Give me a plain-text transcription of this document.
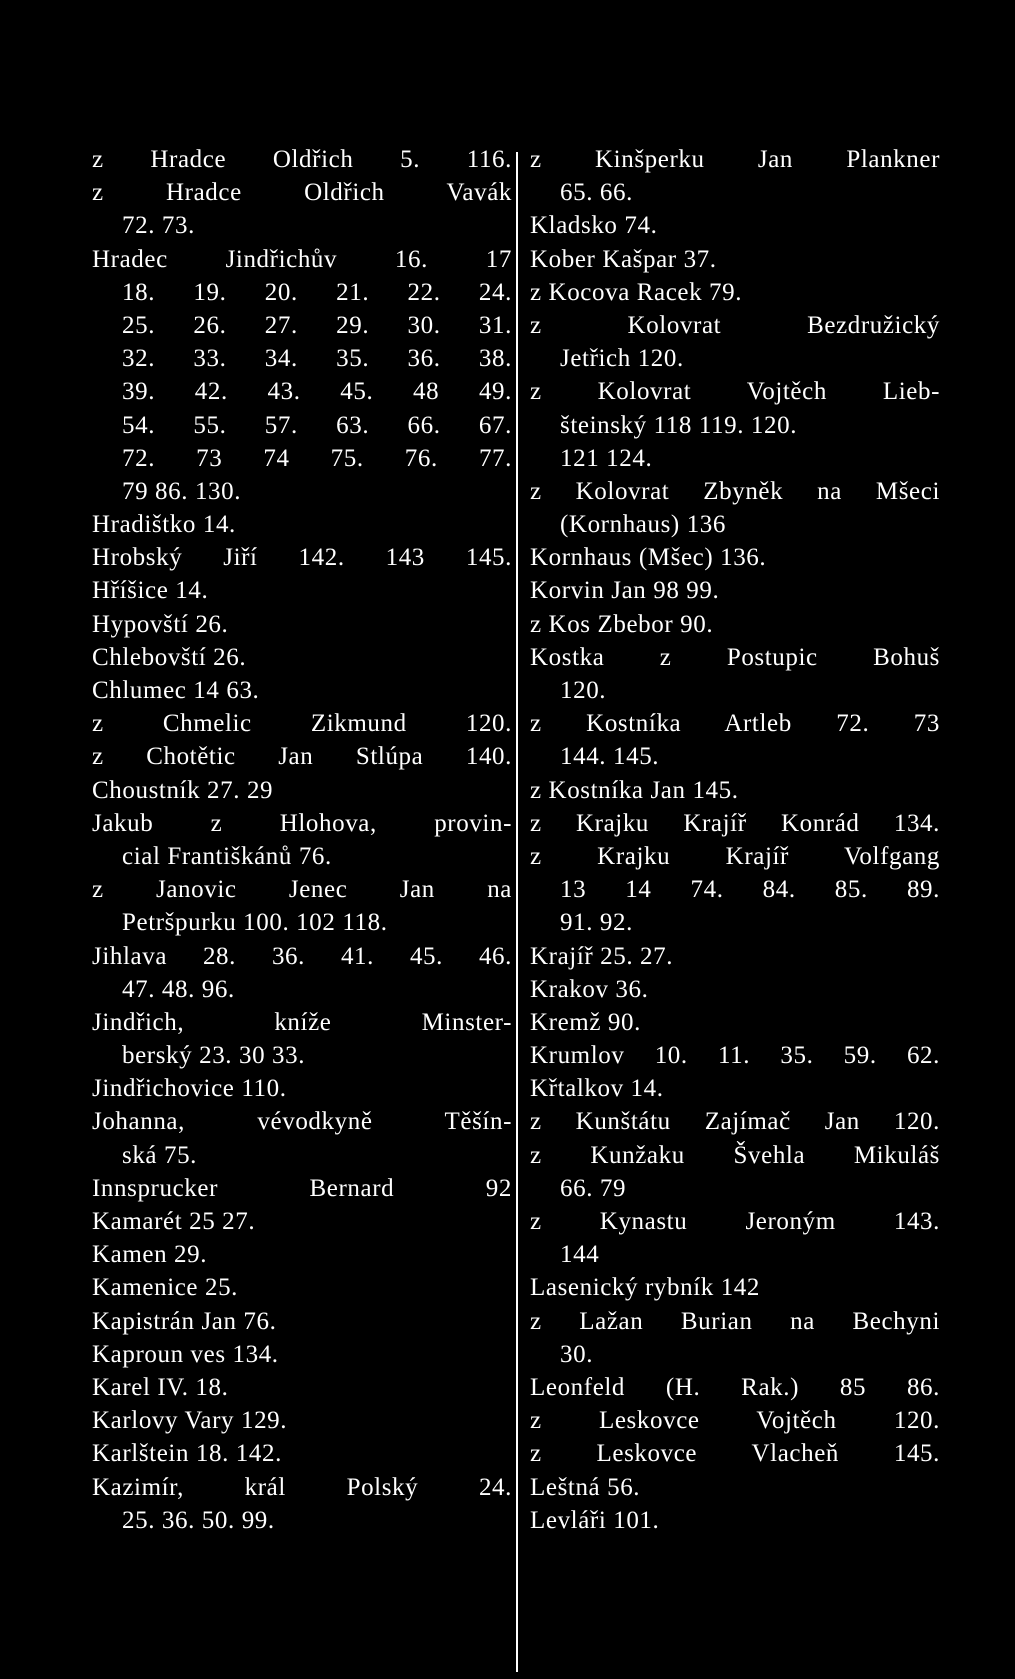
z Hradce Oldřich 5. 116.
z Hradce Oldřich Vavák
72. 73.
Hradec Jindřichův 16. 17
18. 19. 20. 21. 22. 24.
25. 26. 27. 29. 30. 31.
32. 33. 34. 35. 36. 38.
39. 42. 43. 45. 48 49.
54. 55. 57. 63. 66. 67.
72. 73 74 75. 76. 77.
79 86. 130.
Hradištko 14.
Hrobský Jiří 142. 143 145.
Hříšice 14.
Hypovští 26.
Chlebovští 26.
Chlumec 14 63.
z Chmelic Zikmund 120.
z Chotětic Jan Stlúpa 140.
Choustník 27. 29
Jakub z Hlohova, provin-
cial Františkánů 76.
z Janovic Jenec Jan na
Petršpurku 100. 102 118.
Jihlava 28. 36. 41. 45. 46.
47. 48. 96.
Jindřich, kníže Minster-
berský 23. 30 33.
Jindřichovice 110.
Johanna, vévodkyně Těšín-
ská 75.
Innsprucker Bernard 92
Kamarét 25 27.
Kamen 29.
Kamenice 25.
Kapistrán Jan 76.
Kaproun ves 134.
Karel IV. 18.
Karlovy Vary 129.
Karlštein 18. 142.
Kazimír, král Polský 24.
25. 36. 50. 99.
z Kinšperku Jan Plankner
65. 66.
Kladsko 74.
Kober Kašpar 37.
z Kocova Racek 79.
z Kolovrat Bezdružický
Jetřich 120.
z Kolovrat Vojtěch Lieb-
šteinský 118 119. 120.
121 124.
z Kolovrat Zbyněk na Mšeci
(Kornhaus) 136
Kornhaus (Mšec) 136.
Korvin Jan 98 99.
z Kos Zbebor 90.
Kostka z Postupic Bohuš
120.
z Kostníka Artleb 72. 73
144. 145.
z Kostníka Jan 145.
z Krajku Krajíř Konrád 134.
z Krajku Krajíř Volfgang
13 14 74. 84. 85. 89.
91. 92.
Krajíř 25. 27.
Krakov 36.
Kremž 90.
Krumlov 10. 11. 35. 59. 62.
Křtalkov 14.
z Kunštátu Zajímač Jan 120.
z Kunžaku Švehla Mikuláš
66. 79
z Kynastu Jeroným 143.
144
Lasenický rybník 142
z Lažan Burian na Bechyni
30.
Leonfeld (H. Rak.) 85 86.
z Leskovce Vojtěch 120.
z Leskovce Vlacheň 145.
Leštná 56.
Levláři 101.
